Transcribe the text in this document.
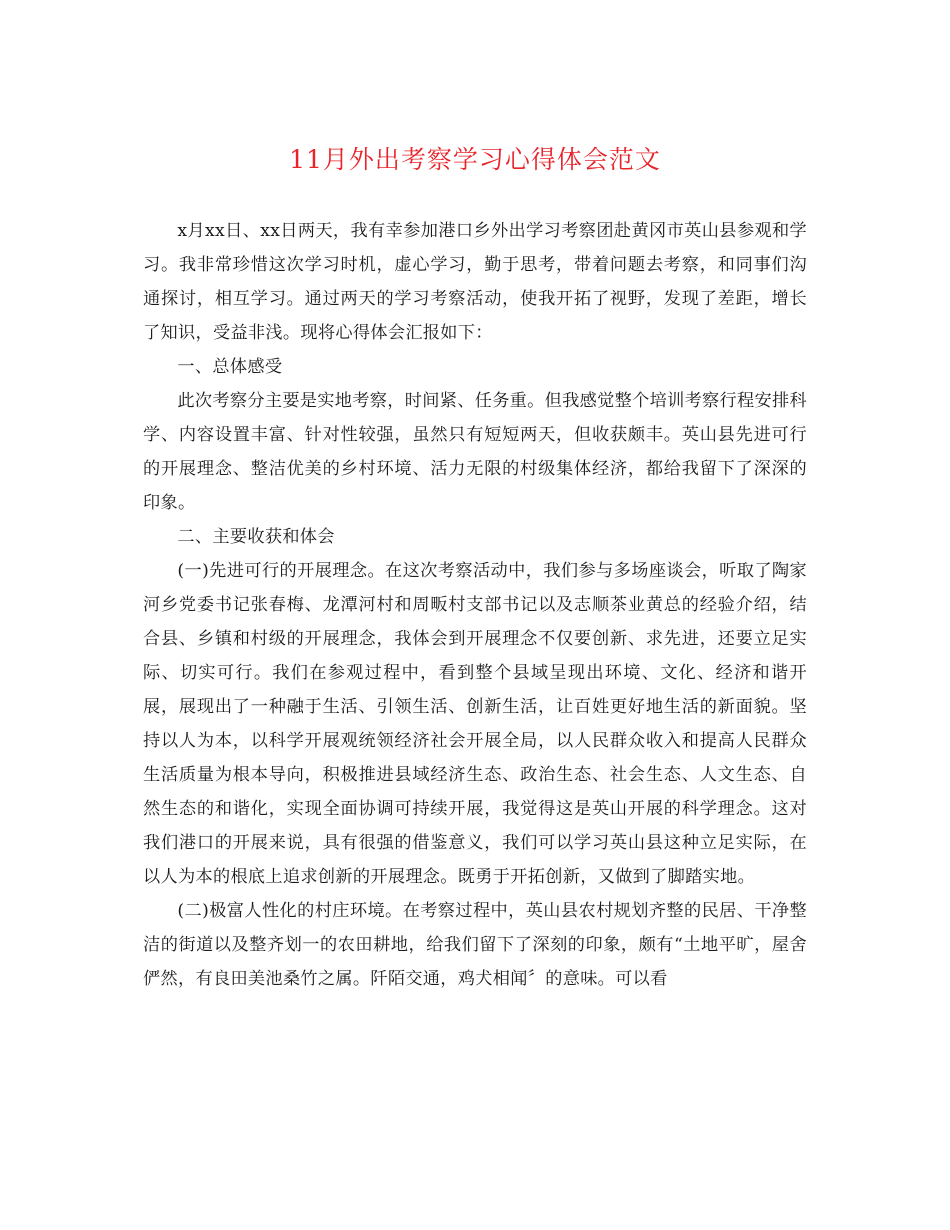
11月外出考察学习心得体会范文

x月xx日、xx日两天，我有幸参加港口乡外出学习考察团赴黄冈市英山县参观和学习。我非常珍惜这次学习时机，虚心学习，勤于思考，带着问题去考察，和同事们沟通探讨，相互学习。通过两天的学习考察活动，使我开拓了视野，发现了差距，增长了知识，受益非浅。现将心得体会汇报如下：

一、总体感受

此次考察分主要是实地考察，时间紧、任务重。但我感觉整个培训考察行程安排科学、内容设置丰富、针对性较强，虽然只有短短两天，但收获颇丰。英山县先进可行的开展理念、整洁优美的乡村环境、活力无限的村级集体经济，都给我留下了深深的印象。

二、主要收获和体会

(一)先进可行的开展理念。在这次考察活动中，我们参与多场座谈会，听取了陶家河乡党委书记张春梅、龙潭河村和周畈村支部书记以及志顺茶业黄总的经验介绍，结合县、乡镇和村级的开展理念，我体会到开展理念不仅要创新、求先进，还要立足实际、切实可行。我们在参观过程中，看到整个县域呈现出环境、文化、经济和谐开展，展现出了一种融于生活、引领生活、创新生活，让百姓更好地生活的新面貌。坚持以人为本，以科学开展观统领经济社会开展全局，以人民群众收入和提高人民群众生活质量为根本导向，积极推进县域经济生态、政治生态、社会生态、人文生态、自然生态的和谐化，实现全面协调可持续开展，我觉得这是英山开展的科学理念。这对我们港口的开展来说，具有很强的借鉴意义，我们可以学习英山县这种立足实际，在以人为本的根底上追求创新的开展理念。既勇于开拓创新，又做到了脚踏实地。

(二)极富人性化的村庄环境。在考察过程中，英山县农村规划齐整的民居、干净整洁的街道以及整齐划一的农田耕地，给我们留下了深刻的印象，颇有“土地平旷，屋舍俨然，有良田美池桑竹之属。阡陌交通，鸡犬相闻〞的意味。可以看
